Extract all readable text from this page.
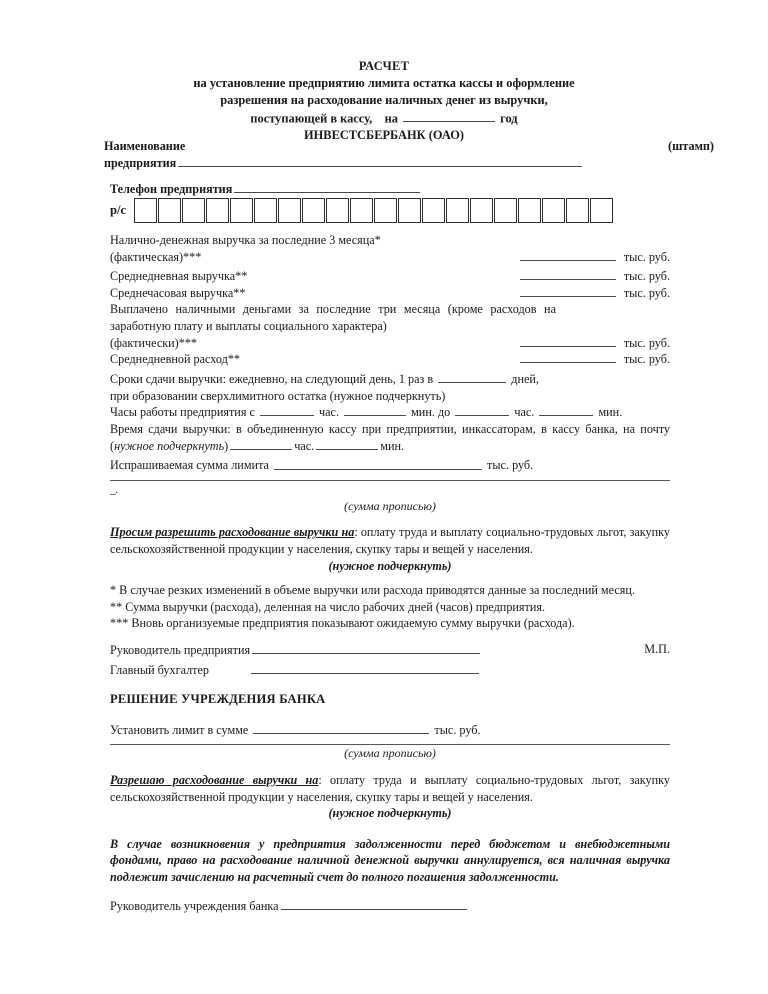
РАСЧЕТ
на установление предприятию лимита остатка кассы и оформление
разрешения на расходование наличных денег из выручки,
поступающей в кассу, на	год
ИНВЕСТСБЕРБАНК (ОАО)
Наименование	(штамп)
предприятия
Телефон предприятия
р/с
Налично-денежная выручка за последние 3 месяца*
(фактическая)***	тыс. руб.
Среднедневная выручка**	тыс. руб.
Среднечасовая выручка**	тыс. руб.
Выплачено наличными деньгами за последние три месяца (кроме расходов на заработную плату и выплаты социального характера)
(фактически)***	тыс. руб.
Среднедневной расход**	тыс. руб.
Сроки сдачи выручки: ежедневно, на следующий день, 1 раз в	дней,
при образовании сверхлимитного остатка (нужное подчеркнуть)
Часы работы предприятия с	час.	мин. до	час.	мин.
Время сдачи выручки: в объединенную кассу при предприятии, инкассаторам, в кассу банка, на почту (нужное подчеркнуть)	час.	мин.
Испрашиваемая сумма лимита	тыс. руб.
_.
(сумма прописью)
Просим разрешить расходование выручки на: оплату труда и выплату социально-трудовых льгот, закупку сельскохозяйственной продукции у населения, скупку тары и вещей у населения.
(нужное подчеркнуть)
* В случае резких изменений в объеме выручки или расхода приводятся данные за последний месяц.
** Сумма выручки (расхода), деленная на число рабочих дней (часов) предприятия.
*** Вновь организуемые предприятия показывают ожидаемую сумму выручки (расхода).
Руководитель предприятия	М.П.
Главный бухгалтер
РЕШЕНИЕ УЧРЕЖДЕНИЯ БАНКА
Установить лимит в сумме	тыс. руб.
(сумма прописью)
Разрешаю расходование выручки на: оплату труда и выплату социально-трудовых льгот, закупку сельскохозяйственной продукции у населения, скупку тары и вещей у населения.
(нужное подчеркнуть)
В случае возникновения у предприятия задолженности перед бюджетом и внебюджетными фондами, право на расходование наличной денежной выручки аннулируется, вся наличная выручка подлежит зачислению на расчетный счет до полного погашения задолженности.
Руководитель учреждения банка
